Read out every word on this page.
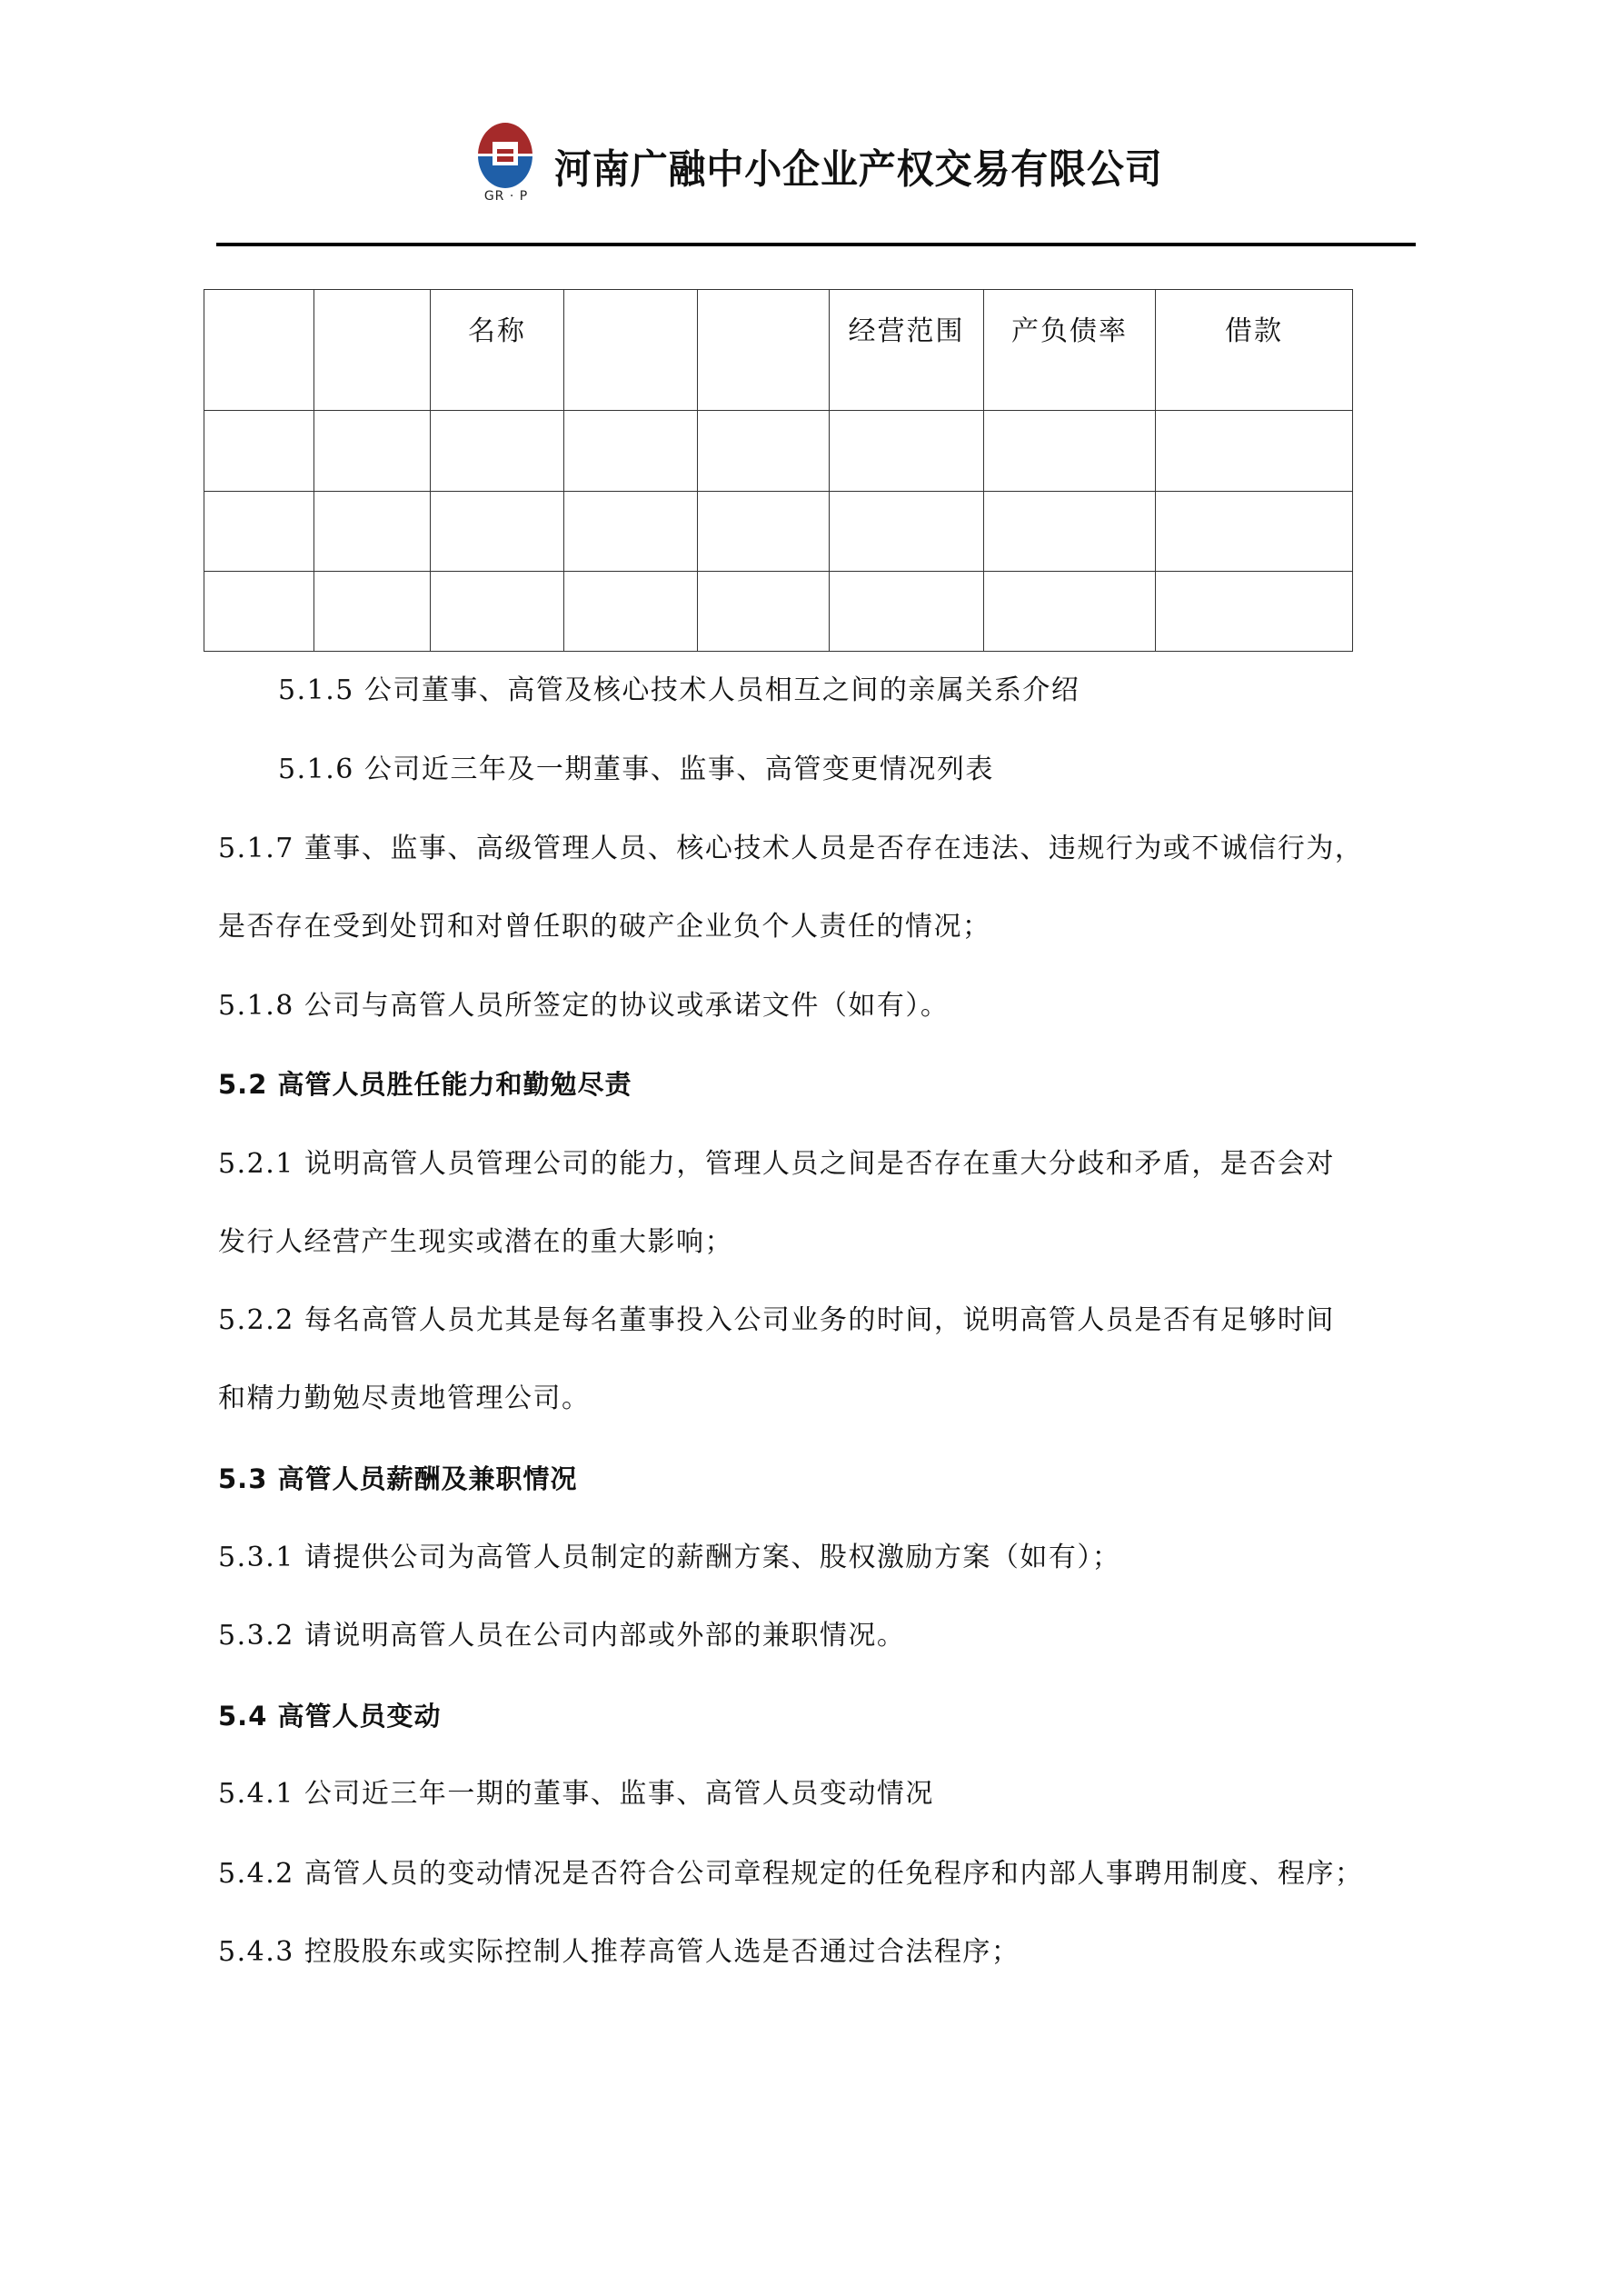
GR · P
河南广融中小企业产权交易有限公司
		名称			经营范围	产负债率	借款

5.1.5 公司董事、高管及核心技术人员相互之间的亲属关系介绍
5.1.6 公司近三年及一期董事、监事、高管变更情况列表
5.1.7 董事、监事、高级管理人员、核心技术人员是否存在违法、违规行为或不诚信行为，
是否存在受到处罚和对曾任职的破产企业负个人责任的情况；
5.1.8 公司与高管人员所签定的协议或承诺文件（如有）。
5.2 高管人员胜任能力和勤勉尽责
5.2.1 说明高管人员管理公司的能力，管理人员之间是否存在重大分歧和矛盾，是否会对
发行人经营产生现实或潜在的重大影响；
5.2.2 每名高管人员尤其是每名董事投入公司业务的时间，说明高管人员是否有足够时间
和精力勤勉尽责地管理公司。
5.3 高管人员薪酬及兼职情况
5.3.1 请提供公司为高管人员制定的薪酬方案、股权激励方案（如有）；
5.3.2 请说明高管人员在公司内部或外部的兼职情况。
5.4 高管人员变动
5.4.1 公司近三年一期的董事、监事、高管人员变动情况
5.4.2 高管人员的变动情况是否符合公司章程规定的任免程序和内部人事聘用制度、程序；
5.4.3 控股股东或实际控制人推荐高管人选是否通过合法程序；
